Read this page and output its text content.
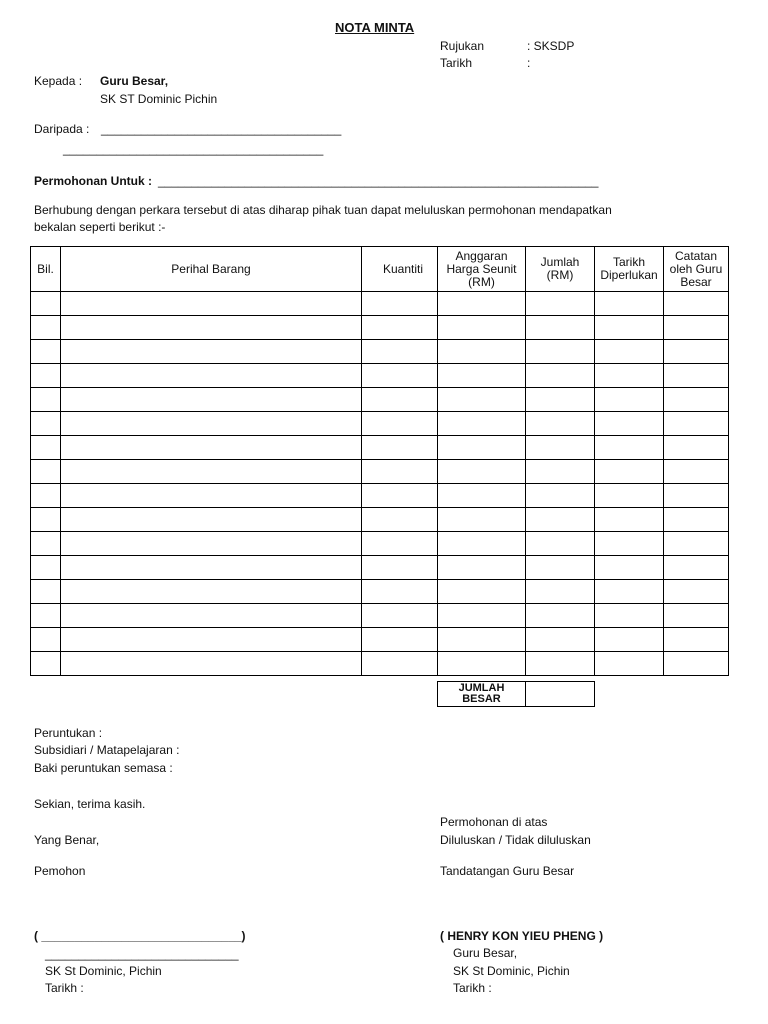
NOTA MINTA
Rujukan	: SKSDP
Tarikh	:
Kepada : Guru Besar,
SK ST Dominic Pichin
Daripada : ____________________________________
_______________________________________
Permohonan Untuk : __________________________________________________________________
Berhubung dengan perkara tersebut di atas diharap pihak tuan dapat meluluskan permohonan mendapatkan
bekalan seperti berikut :-
Bil.	Perihal Barang	Kuantiti	Anggaran Harga Seunit (RM)	Jumlah (RM)	Tarikh Diperlukan	Catatan oleh Guru Besar

JUMLAH BESAR	
Peruntukan :
Subsidiari / Matapelajaran :
Baki peruntukan semasa :
Sekian, terima kasih.
Yang Benar,
Pemohon
Permohonan di atas
Diluluskan / Tidak diluluskan
Tandatangan Guru Besar
( ______________________________)
_____________________________
SK St Dominic, Pichin
Tarikh :
( HENRY KON YIEU PHENG )
Guru Besar,
SK St Dominic, Pichin
Tarikh :
